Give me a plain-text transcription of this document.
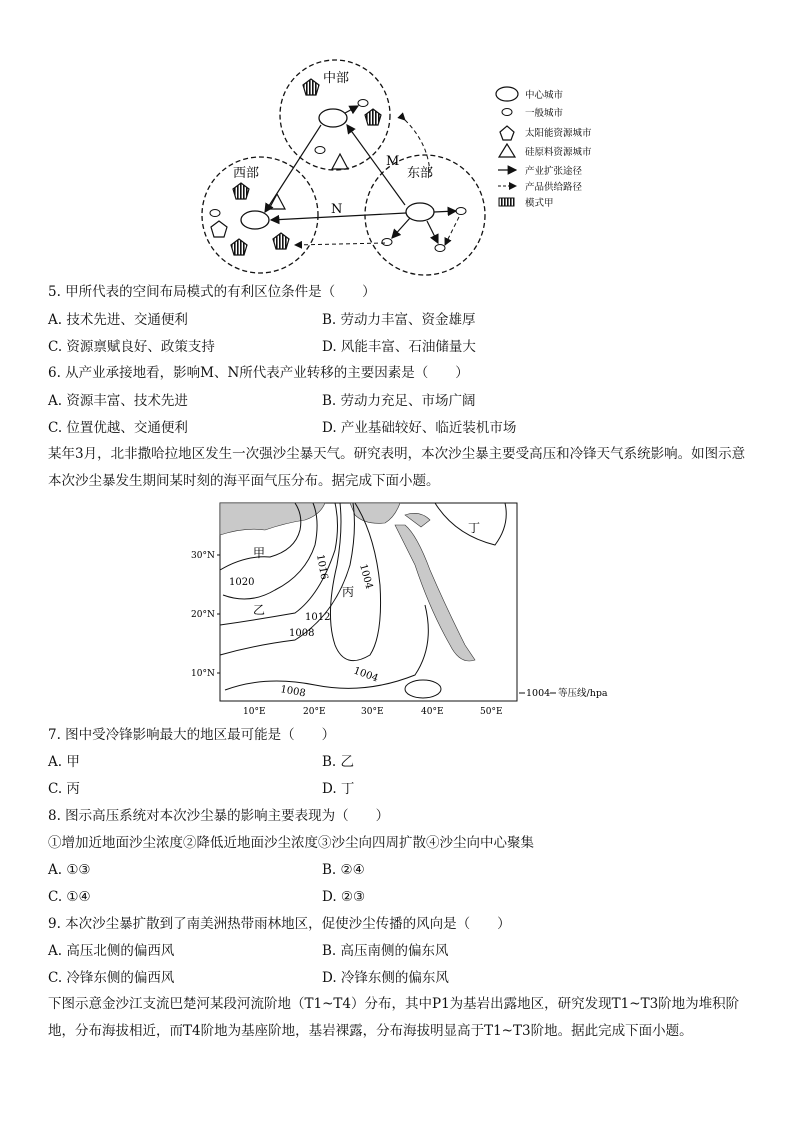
中部
西部	东部
M
N
中心城市
一般城市
太阳能资源城市
硅原料资源城市
产业扩张途径
产品供给路径
模式甲
5. 甲所代表的空间布局模式的有利区位条件是（　　）
A. 技术先进、交通便利	B. 劳动力丰富、资金雄厚
C. 资源禀赋良好、政策支持	D. 风能丰富、石油储量大
6. 从产业承接地看，影响M、N所代表产业转移的主要因素是（　　）
A. 资源丰富、技术先进	B. 劳动力充足、市场广阔
C. 位置优越、交通便利	D. 产业基础较好、临近装机市场
某年3月，北非撒哈拉地区发生一次强沙尘暴天气。研究表明，本次沙尘暴主要受高压和冷锋天气系统影响。如图示意本次沙尘暴发生期间某时刻的海平面气压分布。据完成下面小题。
1020
1016
1012
1008
1004
1004
1008
甲
乙
丙
丁
30°N
20°N
10°N
10°E	20°E	30°E	40°E	50°E
1004 等压线/hpa
7. 图中受冷锋影响最大的地区最可能是（　　）
A. 甲	B. 乙
C. 丙	D. 丁
8. 图示高压系统对本次沙尘暴的影响主要表现为（　　）
①增加近地面沙尘浓度②降低近地面沙尘浓度③沙尘向四周扩散④沙尘向中心聚集
A. ①③	B. ②④
C. ①④	D. ②③
9. 本次沙尘暴扩散到了南美洲热带雨林地区，促使沙尘传播的风向是（　　）
A. 高压北侧的偏西风	B. 高压南侧的偏东风
C. 冷锋东侧的偏西风	D. 冷锋东侧的偏东风
下图示意金沙江支流巴楚河某段河流阶地（T1~T4）分布，其中P1为基岩出露地区，研究发现T1~T3阶地为堆积阶地，分布海拔相近，而T4阶地为基座阶地，基岩裸露，分布海拔明显高于T1~T3阶地。据此完成下面小题。
